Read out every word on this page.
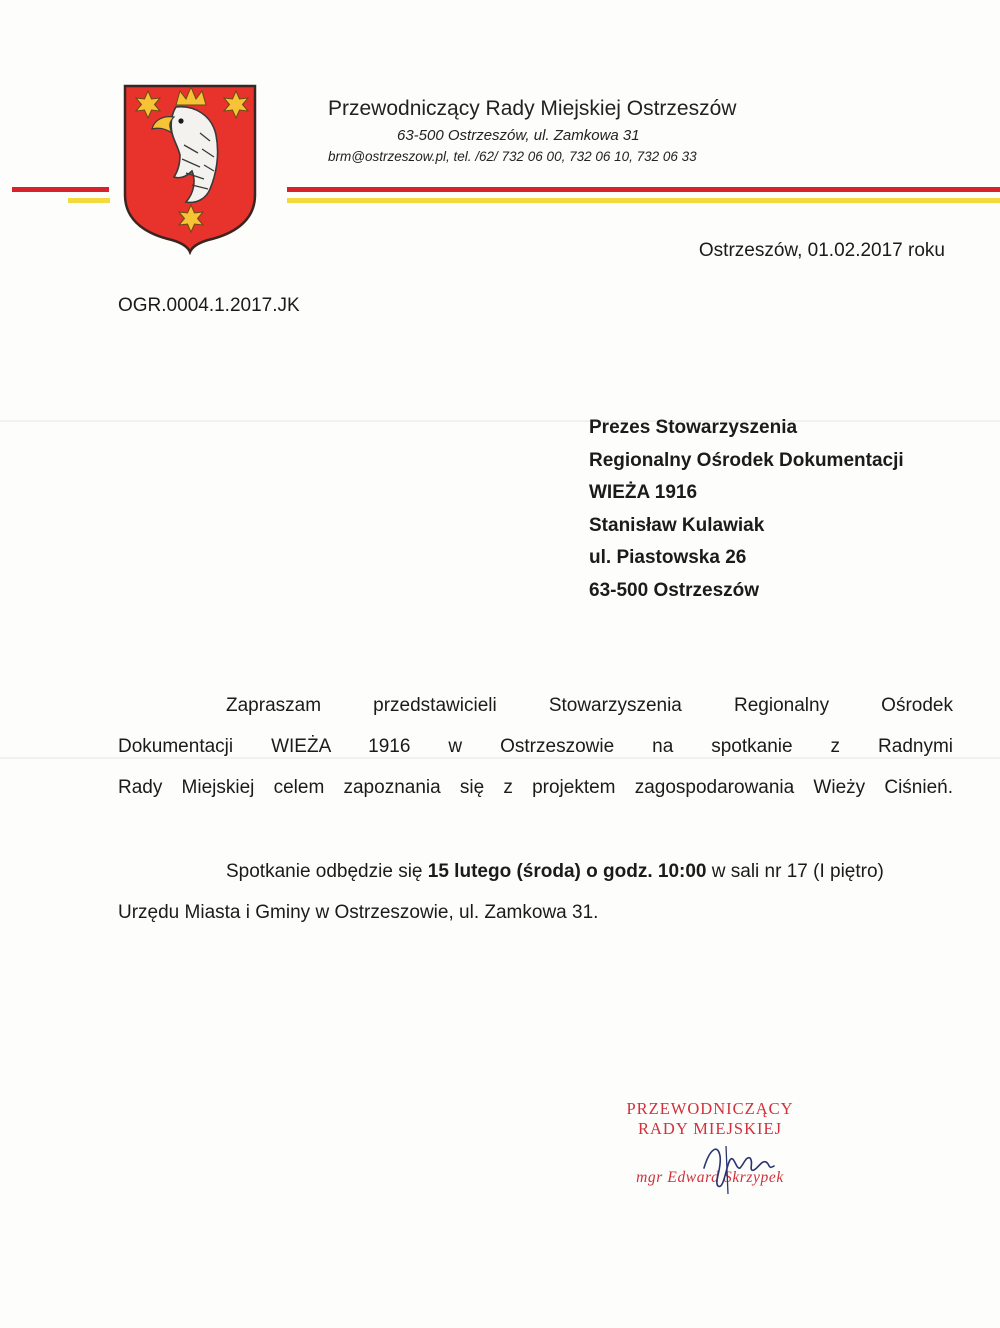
Przewodniczący Rady Miejskiej Ostrzeszów
63-500 Ostrzeszów, ul. Zamkowa 31
brm@ostrzeszow.pl, tel. /62/ 732 06 00, 732 06 10, 732 06 33
Ostrzeszów, 01.02.2017 roku
OGR.0004.1.2017.JK
Prezes Stowarzyszenia
Regionalny Ośrodek Dokumentacji
WIEŻA 1916
Stanisław Kulawiak
ul. Piastowska 26
63-500 Ostrzeszów
Zapraszam przedstawicieli Stowarzyszenia Regionalny Ośrodek
Dokumentacji WIEŻA 1916 w Ostrzeszowie na spotkanie z Radnymi
Rady Miejskiej celem zapoznania się z projektem zagospodarowania Wieży Ciśnień.
Spotkanie odbędzie się 15 lutego (środa) o godz. 10:00 w sali nr 17 (I piętro)
Urzędu Miasta i Gminy w Ostrzeszowie, ul. Zamkowa 31.
PRZEWODNICZĄCY
RADY MIEJSKIEJ
mgr Edward Skrzypek
